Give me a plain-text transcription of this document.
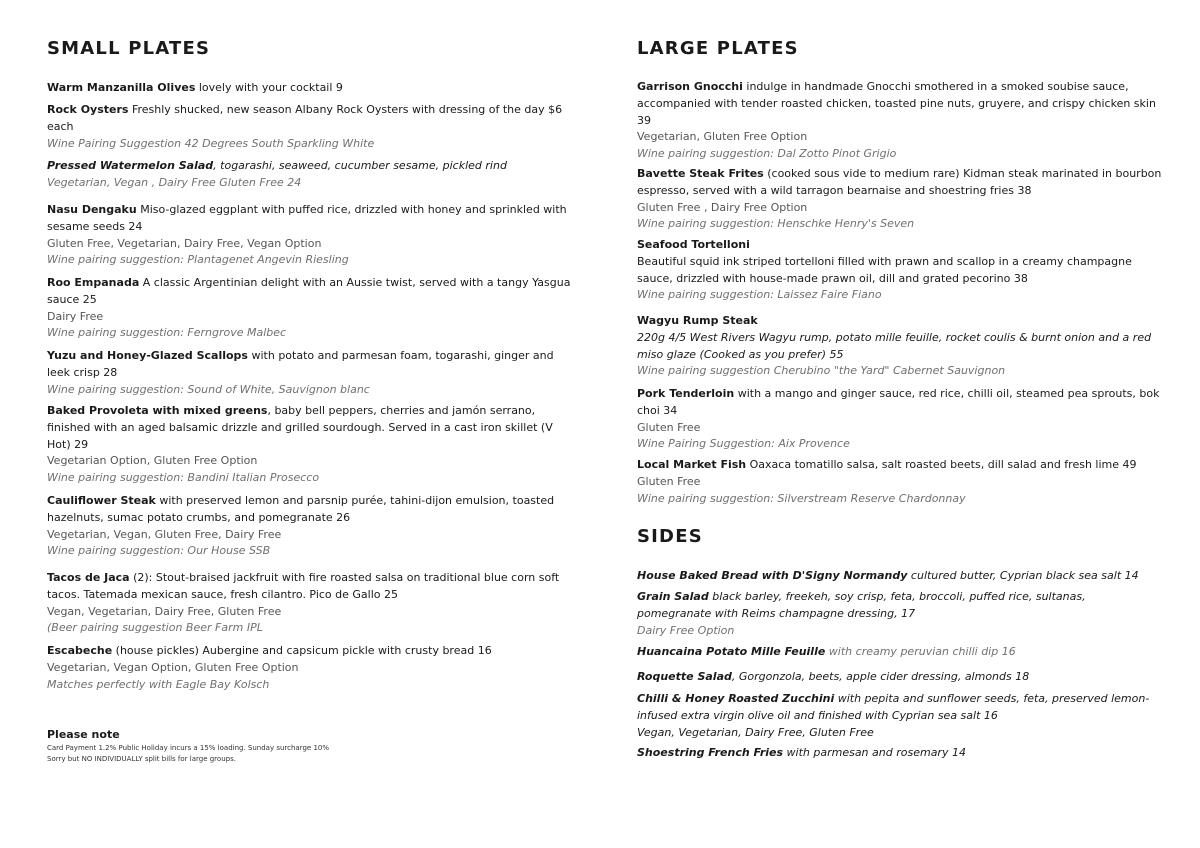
SMALL PLATES
Warm Manzanilla Olives lovely with your cocktail 9
Rock Oysters Freshly shucked, new season Albany Rock Oysters with dressing of the day $6 each
Wine Pairing Suggestion 42 Degrees South Sparkling White
Pressed Watermelon Salad, togarashi, seaweed, cucumber sesame, pickled rind
Vegetarian, Vegan , Dairy Free Gluten Free 24
Nasu Dengaku Miso-glazed eggplant with puffed rice, drizzled with honey and sprinkled with sesame seeds 24
Gluten Free, Vegetarian, Dairy Free, Vegan Option
Wine pairing suggestion: Plantagenet Angevin Riesling
Roo Empanada A classic Argentinian delight with an Aussie twist, served with a tangy Yasgua sauce 25
Dairy Free
Wine pairing suggestion: Ferngrove Malbec
Yuzu and Honey-Glazed Scallops with potato and parmesan foam, togarashi, ginger and leek crisp 28
Wine pairing suggestion: Sound of White, Sauvignon blanc
Baked Provoleta with mixed greens, baby bell peppers, cherries and jamón serrano, finished with an aged balsamic drizzle and grilled sourdough. Served in a cast iron skillet (V Hot) 29
Vegetarian Option, Gluten Free Option
Wine pairing suggestion: Bandini Italian Prosecco
Cauliflower Steak with preserved lemon and parsnip purée, tahini-dijon emulsion, toasted hazelnuts, sumac potato crumbs, and pomegranate 26
Vegetarian, Vegan, Gluten Free, Dairy Free
Wine pairing suggestion: Our House SSB
Tacos de Jaca (2): Stout-braised jackfruit with fire roasted salsa on traditional blue corn soft tacos. Tatemada mexican sauce, fresh cilantro. Pico de Gallo 25
Vegan, Vegetarian, Dairy Free, Gluten Free
(Beer pairing suggestion Beer Farm IPL
Escabeche (house pickles) Aubergine and capsicum pickle with crusty bread 16
Vegetarian, Vegan Option, Gluten Free Option
Matches perfectly with Eagle Bay Kolsch
Please note
Card Payment 1.2% Public Holiday incurs a 15% loading. Sunday surcharge 10%
Sorry but NO INDIVIDUALLY split bills for large groups.
LARGE PLATES
Garrison Gnocchi indulge in handmade Gnocchi smothered in a smoked soubise sauce, accompanied with tender roasted chicken, toasted pine nuts, gruyere, and crispy chicken skin 39
Vegetarian, Gluten Free Option
Wine pairing suggestion: Dal Zotto Pinot Grigio
Bavette Steak Frites (cooked sous vide to medium rare) Kidman steak marinated in bourbon espresso, served with a wild tarragon bearnaise and shoestring fries 38
Gluten Free , Dairy Free Option
Wine pairing suggestion: Henschke Henry's Seven
Seafood Tortelloni
Beautiful squid ink striped tortelloni filled with prawn and scallop in a creamy champagne sauce, drizzled with house-made prawn oil, dill and grated pecorino 38
Wine pairing suggestion: Laissez Faire Fiano
Wagyu Rump Steak
220g 4/5 West Rivers Wagyu rump, potato mille feuille, rocket coulis & burnt onion and a red miso glaze (Cooked as you prefer) 55
Wine pairing suggestion Cherubino "the Yard" Cabernet Sauvignon
Pork Tenderloin with a mango and ginger sauce, red rice, chilli oil, steamed pea sprouts, bok choi 34
Gluten Free
Wine Pairing Suggestion: Aix Provence
Local Market Fish Oaxaca tomatillo salsa, salt roasted beets, dill salad and fresh lime 49
Gluten Free
Wine pairing suggestion: Silverstream Reserve Chardonnay
SIDES
House Baked Bread with D'Signy Normandy cultured butter, Cyprian black sea salt 14
Grain Salad black barley, freekeh, soy crisp, feta, broccoli, puffed rice, sultanas, pomegranate with Reims champagne dressing, 17
Dairy Free Option
Huancaina Potato Mille Feuille with creamy peruvian chilli dip 16
Roquette Salad, Gorgonzola, beets, apple cider dressing, almonds 18
Chilli & Honey Roasted Zucchini with pepita and sunflower seeds, feta, preserved lemon-infused extra virgin olive oil and finished with Cyprian sea salt 16
Vegan, Vegetarian, Dairy Free, Gluten Free
Shoestring French Fries with parmesan and rosemary 14
